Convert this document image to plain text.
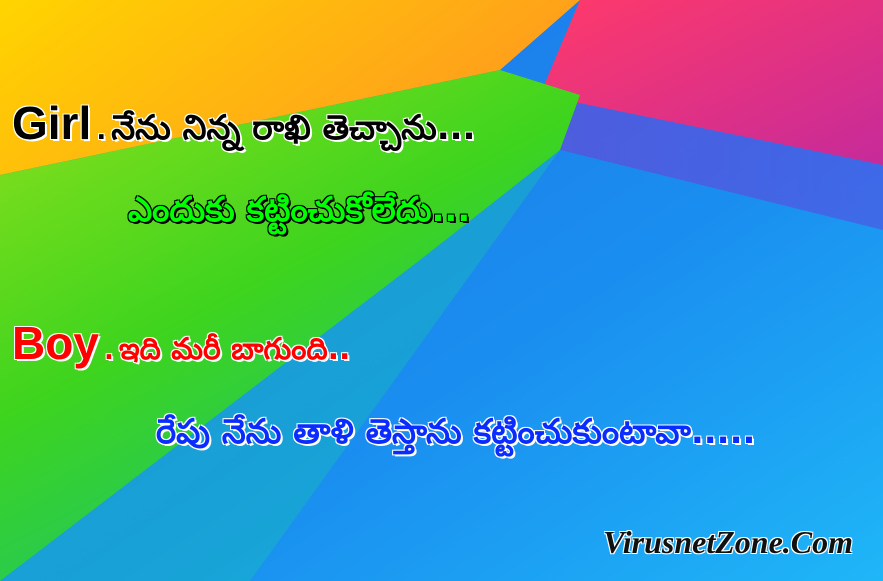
Girl . నేను నిన్న రాఖి తెచ్చాను...
ఎందుకు కట్టించుకోలేదు...
Boy . ఇది మరీ బాగుంది..
రేపు నేను తాళి తెస్తాను కట్టించుకుంటావా.....
VirusnetZone.Com
